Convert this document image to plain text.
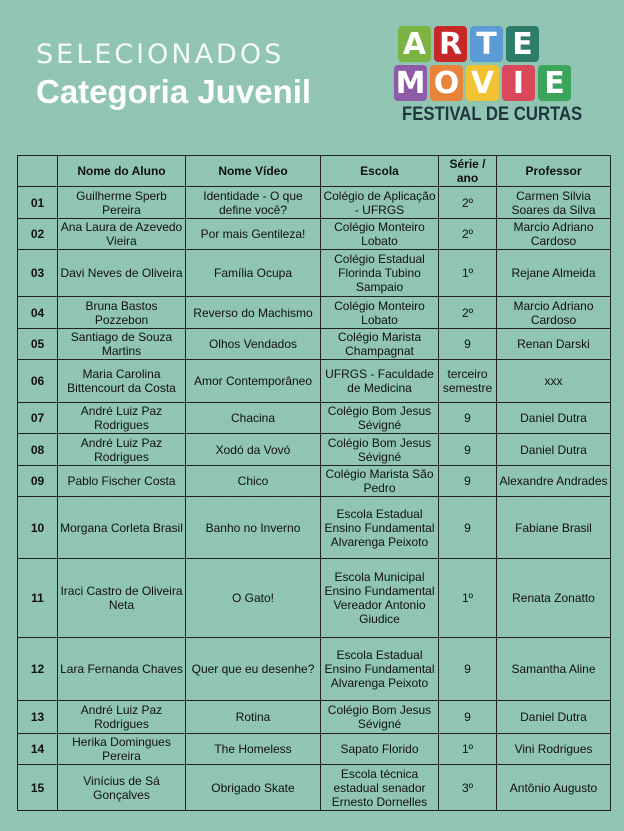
SELECIONADOS
Categoria Juvenil
A R T E
M O V I E
FESTIVAL DE CURTAS
	Nome do Aluno	Nome Vídeo	Escola	Série / ano	Professor
01	Guilherme Sperb Pereira	Identidade - O que define você?	Colégio de Aplicação - UFRGS	2º	Carmen Silvia Soares da Silva
02	Ana Laura de Azevedo Vieira	Por mais Gentileza!	Colégio Monteiro Lobato	2º	Marcio Adriano Cardoso
03	Davi Neves de Oliveira	Família Ocupa	Colégio Estadual Florinda Tubino Sampaio	1º	Rejane Almeida
04	Bruna Bastos Pozzebon	Reverso do Machismo	Colégio Monteiro Lobato	2º	Marcio Adriano Cardoso
05	Santiago de Souza Martins	Olhos Vendados	Colégio Marista Champagnat	9	Renan Darski
06	Maria Carolina Bittencourt da Costa	Amor Contemporâneo	UFRGS - Faculdade de Medicina	terceiro semestre	xxx
07	André Luiz Paz Rodrigues	Chacina	Colégio Bom Jesus Sévigné	9	Daniel Dutra
08	André Luiz Paz Rodrigues	Xodó da Vovó	Colégio Bom Jesus Sévigné	9	Daniel Dutra
09	Pablo Fischer Costa	Chico	Colégio Marista São Pedro	9	Alexandre Andrades
10	Morgana Corleta Brasil	Banho no Inverno	Escola Estadual Ensino Fundamental Alvarenga Peixoto	9	Fabiane Brasil
11	Iraci Castro de Oliveira Neta	O Gato!	Escola Municipal Ensino Fundamental Vereador Antonio Giudice	1º	Renata Zonatto
12	Lara Fernanda Chaves	Quer que eu desenhe?	Escola Estadual Ensino Fundamental Alvarenga Peixoto	9	Samantha Aline
13	André Luiz Paz Rodrigues	Rotina	Colégio Bom Jesus Sévigné	9	Daniel Dutra
14	Herika Domingues Pereira	The Homeless	Sapato Florido	1º	Vini Rodrigues
15	Vinícius de Sá Gonçalves	Obrigado Skate	Escola técnica estadual senador Ernesto Dornelles	3º	Antônio Augusto
